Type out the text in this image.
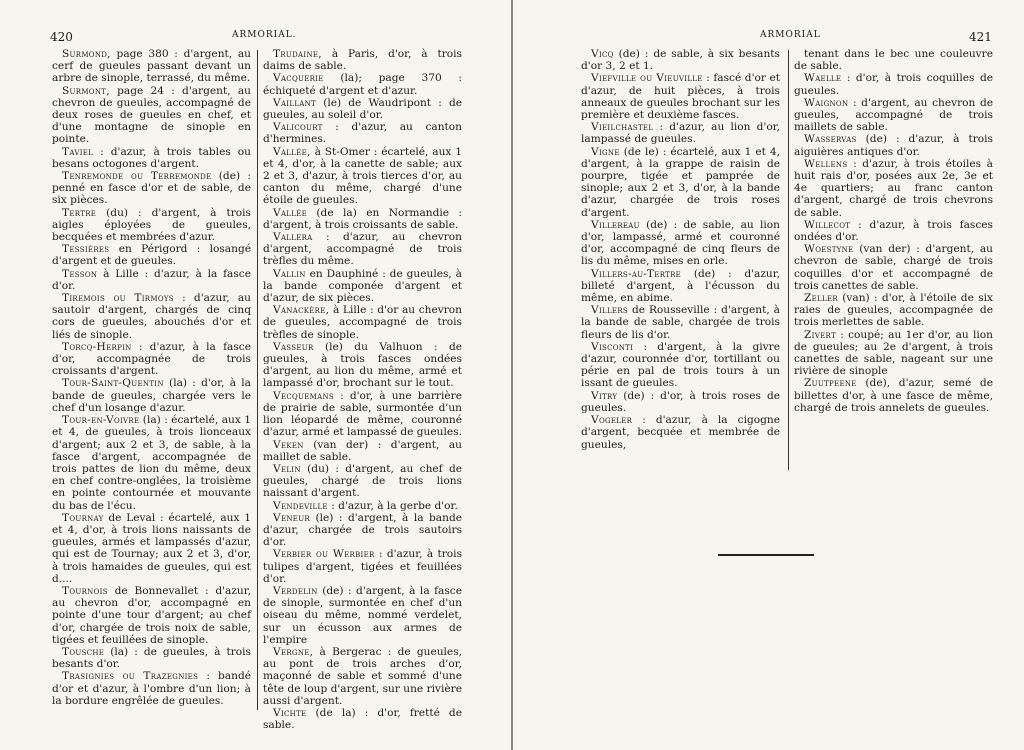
420	ARMORIAL.

Surmond, page 380 : d'argent, au cerf de gueules passant devant un arbre de sinople, terrassé, du même.

Surmont, page 24 : d'argent, au chevron de gueules, accompagné de deux roses de gueules en chef, et d'une montagne de sinople en pointe.

Taviel : d'azur, à trois tables ou besans octogones d'argent.

Tenremonde ou Terremonde (de) : penné en fasce d'or et de sable, de six pièces.

Tertre (du) : d'argent, à trois aigles éployées de gueules, becquées et membrées d'azur.

Tessières en Périgord : losangé d'argent et de gueules.

Tesson à Lille : d'azur, à la fasce d'or.

Tiremois ou Tirmoys : d'azur, au sautoir d'argent, chargés de cinq cors de gueules, abouchés d'or et liés de sinople.

Torcq-Herpin : d'azur, à la fasce d'or, accompagnée de trois croissants d'argent.

Tour-Saint-Quentin (la) : d'or, à la bande de gueules, chargée vers le chef d'un losange d'azur.

Tour-en-Voivre (la) : écartelé, aux 1 et 4, de gueules, à trois lionceaux d'argent; aux 2 et 3, de sable, à la fasce d'argent, accompagnée de trois pattes de lion du même, deux en chef contre-onglées, la troisième en pointe contournée et mouvante du bas de l'écu.

Tournay de Leval : écartelé, aux 1 et 4, d'or, à trois lions naissants de gueules, armés et lampassés d'azur, qui est de Tournay; aux 2 et 3, d'or, à trois hamaides de gueules, qui est d....

Tournois de Bonnevallet : d'azur, au chevron d'or, accompagné en pointe d'une tour d'argent; au chef d'or, chargée de trois noix de sable, tigées et feuillées de sinople.

Tousche (la) : de gueules, à trois besants d'or.

Trasignies ou Trazegnies : bandé d'or et d'azur, à l'ombre d'un lion; à la bordure engrêlée de gueules.

Trudaine, à Paris, d'or, à trois daims de sable.

Vacquerie (la); page 370 : échiqueté d'argent et d'azur.

Vaillant (le) de Waudripont : de gueules, au soleil d'or.

Valicourt : d'azur, au canton d'hermines.

Vallée, à St-Omer : écartelé, aux 1 et 4, d'or, à la canette de sable; aux 2 et 3, d'azur, à trois tierces d'or, au canton du même, chargé d'une étoile de gueules.

Vallée (de la) en Normandie : d'argent, à trois croissants de sable.

Vallera : d'azur, au chevron d'argent, accompagné de trois trèfles du même.

Vallin en Dauphiné : de gueules, à la bande componée d'argent et d'azur, de six pièces.

Vanackère, à Lille : d'or au chevron de gueules, accompagné de trois trèfles de sinople.

Vasseur (le) du Valhuon : de gueules, à trois fasces ondées d'argent, au lion du même, armé et lampassé d'or, brochant sur le tout.

Vecquemans : d'or, à une barrière de prairie de sable, surmontée d'un lion léopardé de même, couronné d'azur, armé et lampassé de gueules.

Veken (van der) : d'argent, au maillet de sable.

Velin (du) : d'argent, au chef de gueules, chargé de trois lions naissant d'argent.

Vendeville : d'azur, à la gerbe d'or.

Veneur (le) : d'argent, à la bande d'azur, chargée de trois sautoirs d'or.

Verbier ou Werbier : d'azur, à trois tulipes d'argent, tigées et feuillées d'or.

Verdelin (de) : d'argent, à la fasce de sinople, surmontée en chef d'un oiseau du même, nommé verdelet, sur un écusson aux armes de l'empire

Vergne, à Bergerac : de gueules, au pont de trois arches d'or, maçonné de sable et sommé d'une tête de loup d'argent, sur une rivière aussi d'argent.

Vichte (de la) : d'or, fretté de sable.

ARMORIAL	421

Vicq (de) : de sable, à six besants d'or 3, 2 et 1.

Viefville ou Vieuville : fascé d'or et d'azur, de huit pièces, à trois anneaux de gueules brochant sur les première et deuxième fasces.

Vieilchastel : d'azur, au lion d'or, lampassé de gueules.

Vigne (de le) : écartelé, aux 1 et 4, d'argent, à la grappe de raisin de pourpre, tigée et pamprée de sinople; aux 2 et 3, d'or, à la bande d'azur, chargée de trois roses d'argent.

Villereau (de) : de sable, au lion d'or, lampassé, armé et couronné d'or, accompagné de cinq fleurs de lis du même, mises en orle.

Villers-au-Tertre (de) : d'azur, billeté d'argent, à l'écusson du même, en abime.

Villers de Rousseville : d'argent, à la bande de sable, chargée de trois fleurs de lis d'or.

Visconti : d'argent, à la givre d'azur, couronnée d'or, tortillant ou périe en pal de trois tours à un issant de gueules.

Vitry (de) : d'or, à trois roses de gueules.

Vogeler : d'azur, à la cigogne d'argent, becquée et membrée de gueules,

tenant dans le bec une couleuvre de sable.

Waelle : d'or, à trois coquilles de gueules.

Waignon : d'argent, au chevron de gueules, accompagné de trois maillets de sable.

Wasservas (de) : d'azur, à trois aiguières antiques d'or.

Wellens : d'azur, à trois étoiles à huit rais d'or, posées aux 2e, 3e et 4e quartiers; au franc canton d'argent, chargé de trois chevrons de sable.

Willecot : d'azur, à trois fasces ondées d'or.

Woestyne (van der) : d'argent, au chevron de sable, chargé de trois coquilles d'or et accompagné de trois canettes de sable.

Zeller (van) : d'or, à l'étoile de six raies de gueules, accompagnée de trois merlettes de sable.

Zivert : coupé; au 1er d'or, au lion de gueules; au 2e d'argent, à trois canettes de sable, nageant sur une rivière de sinople

Zuutpeene (de), d'azur, semé de billettes d'or, à une fasce de même, chargé de trois annelets de gueules.
